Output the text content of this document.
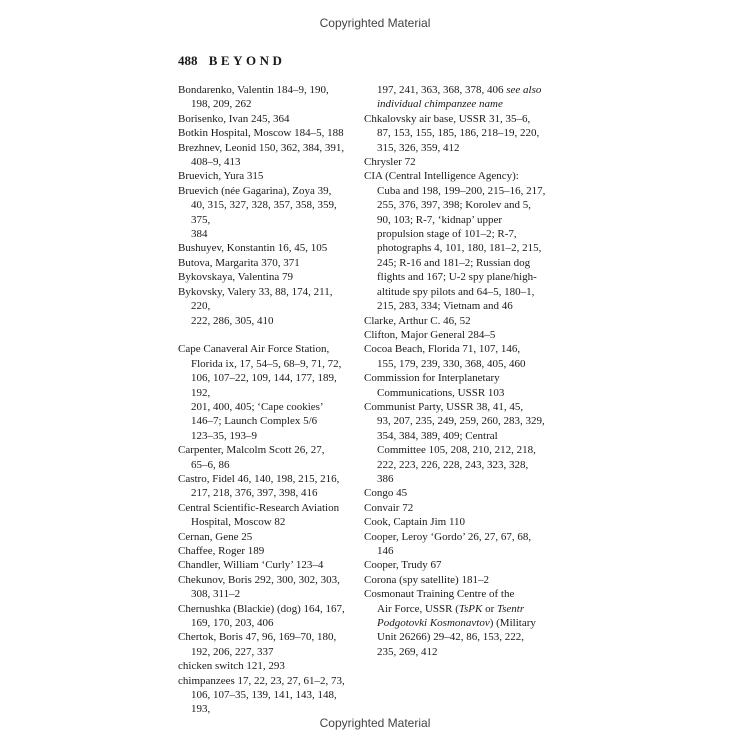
Copyrighted Material
488 BEYOND

Bondarenko, Valentin 184–9, 190,
198, 209, 262

Borisenko, Ivan 245, 364

Botkin Hospital, Moscow 184–5, 188

Brezhnev, Leonid 150, 362, 384, 391,
408–9, 413

Bruevich, Yura 315

Bruevich (née Gagarina), Zoya 39,
40, 315, 327, 328, 357, 358, 359, 375,
384

Bushuyev, Konstantin 16, 45, 105

Butova, Margarita 370, 371

Bykovskaya, Valentina 79

Bykovsky, Valery 33, 88, 174, 211, 220,
222, 286, 305, 410

Cape Canaveral Air Force Station,
Florida ix, 17, 54–5, 68–9, 71, 72,
106, 107–22, 109, 144, 177, 189, 192,
201, 400, 405; ‘Cape cookies’
146–7; Launch Complex 5/6
123–35, 193–9

Carpenter, Malcolm Scott 26, 27,
65–6, 86

Castro, Fidel 46, 140, 198, 215, 216,
217, 218, 376, 397, 398, 416

Central Scientific-Research Aviation
Hospital, Moscow 82

Cernan, Gene 25

Chaffee, Roger 189

Chandler, William ‘Curly’ 123–4

Chekunov, Boris 292, 300, 302, 303,
308, 311–2

Chernushka (Blackie) (dog) 164, 167,
169, 170, 203, 406

Chertok, Boris 47, 96, 169–70, 180,
192, 206, 227, 337

chicken switch 121, 293

chimpanzees 17, 22, 23, 27, 61–2, 73,
106, 107–35, 139, 141, 143, 148, 193,

197, 241, 363, 368, 378, 406 see also
individual chimpanzee name

Chkalovsky air base, USSR 31, 35–6,
87, 153, 155, 185, 186, 218–19, 220,
315, 326, 359, 412

Chrysler 72

CIA (Central Intelligence Agency):
Cuba and 198, 199–200, 215–16, 217,
255, 376, 397, 398; Korolev and 5,
90, 103; R-7, ‘kidnap’ upper
propulsion stage of 101–2; R-7,
photographs 4, 101, 180, 181–2, 215,
245; R-16 and 181–2; Russian dog
flights and 167; U-2 spy plane/high-
altitude spy pilots and 64–5, 180–1,
215, 283, 334; Vietnam and 46

Clarke, Arthur C. 46, 52

Clifton, Major General 284–5

Cocoa Beach, Florida 71, 107, 146,
155, 179, 239, 330, 368, 405, 460

Commission for Interplanetary
Communications, USSR 103

Communist Party, USSR 38, 41, 45,
93, 207, 235, 249, 259, 260, 283, 329,
354, 384, 389, 409; Central
Committee 105, 208, 210, 212, 218,
222, 223, 226, 228, 243, 323, 328,
386

Congo 45

Convair 72

Cook, Captain Jim 110

Cooper, Leroy ‘Gordo’ 26, 27, 67, 68,
146

Cooper, Trudy 67

Corona (spy satellite) 181–2

Cosmonaut Training Centre of the
Air Force, USSR (TsPK or Tsentr
Podgotovki Kosmonavtov) (Military
Unit 26266) 29–42, 86, 153, 222,
235, 269, 412

Copyrighted Material
